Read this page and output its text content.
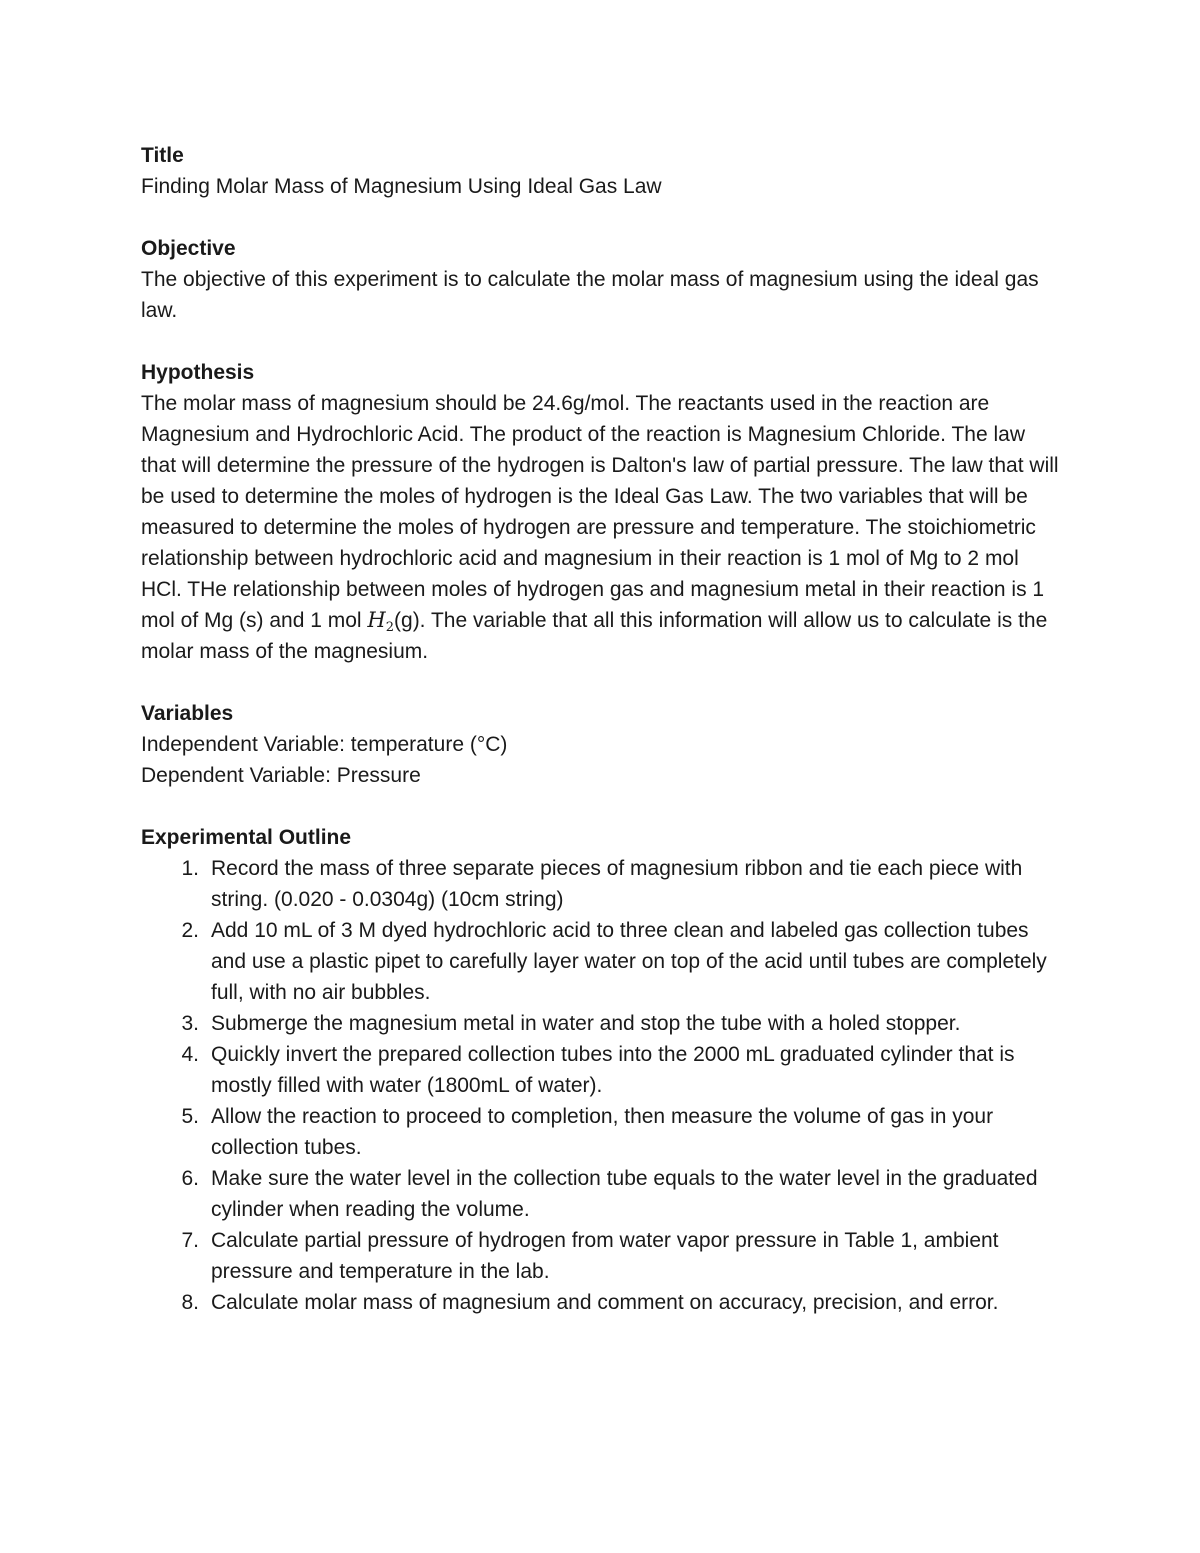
Title

Finding Molar Mass of Magnesium Using Ideal Gas Law

Objective

The objective of this experiment is to calculate the molar mass of magnesium using the ideal gas law.

Hypothesis

The molar mass of magnesium should be 24.6g/mol. The reactants used in the reaction are Magnesium and Hydrochloric Acid. The product of the reaction is Magnesium Chloride. The law that will determine the pressure of the hydrogen is Dalton's law of partial pressure. The law that will be used to determine the moles of hydrogen is the Ideal Gas Law. The two variables that will be measured to determine the moles of hydrogen are pressure and temperature. The stoichiometric relationship between hydrochloric acid and magnesium in their reaction is 1 mol of Mg to 2 mol HCl. THe relationship between moles of hydrogen gas and magnesium metal in their reaction is 1 mol of Mg (s) and 1 mol $H_2(g)$. The variable that all this information will allow us to calculate is the molar mass of the magnesium.

Variables

Independent Variable: temperature (°C)

Dependent Variable: Pressure

Experimental Outline

1. Record the mass of three separate pieces of magnesium ribbon and tie each piece with string. (0.020 - 0.0304g) (10cm string)
2. Add 10 mL of 3 M dyed hydrochloric acid to three clean and labeled gas collection tubes and use a plastic pipet to carefully layer water on top of the acid until tubes are completely full, with no air bubbles.
3. Submerge the magnesium metal in water and stop the tube with a holed stopper.
4. Quickly invert the prepared collection tubes into the 2000 mL graduated cylinder that is mostly filled with water (1800mL of water).
5. Allow the reaction to proceed to completion, then measure the volume of gas in your collection tubes.
6. Make sure the water level in the collection tube equals to the water level in the graduated cylinder when reading the volume.
7. Calculate partial pressure of hydrogen from water vapor pressure in Table 1, ambient pressure and temperature in the lab.
8. Calculate molar mass of magnesium and comment on accuracy, precision, and error.
